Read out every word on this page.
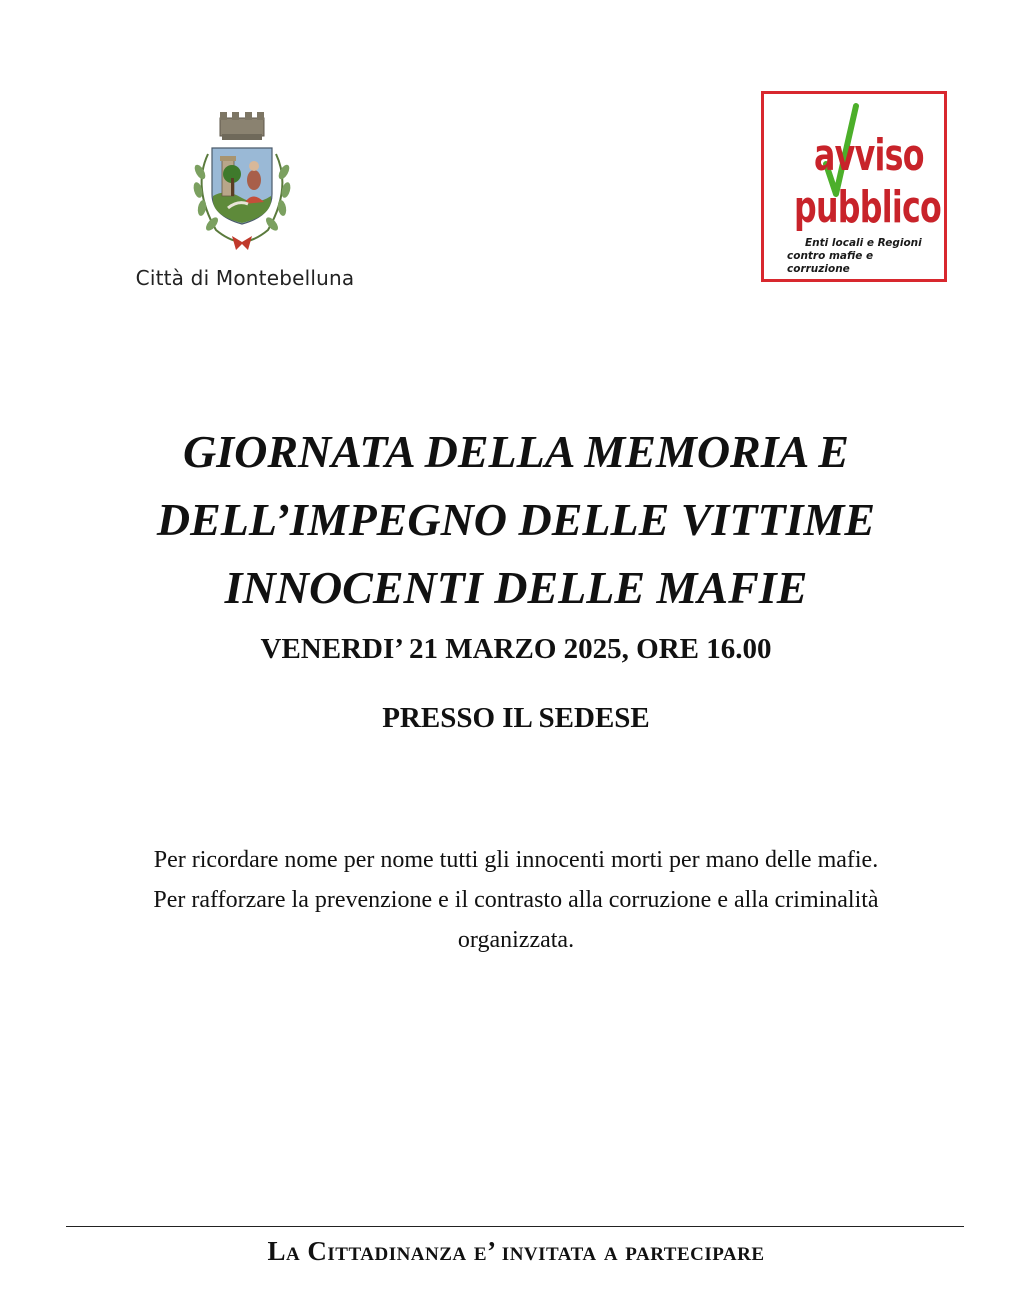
Città di Montebelluna
avviso
pubblico
Enti locali e Regioni
contro mafie e corruzione
GIORNATA DELLA MEMORIA E
DELL’IMPEGNO DELLE VITTIME
INNOCENTI DELLE MAFIE
VENERDI’ 21 MARZO 2025, ORE 16.00
PRESSO IL SEDESE
Per ricordare nome per nome tutti gli innocenti morti per mano delle mafie.
Per rafforzare la prevenzione e il contrasto alla corruzione e alla criminalità
organizzata.
La Cittadinanza e’ invitata a partecipare
